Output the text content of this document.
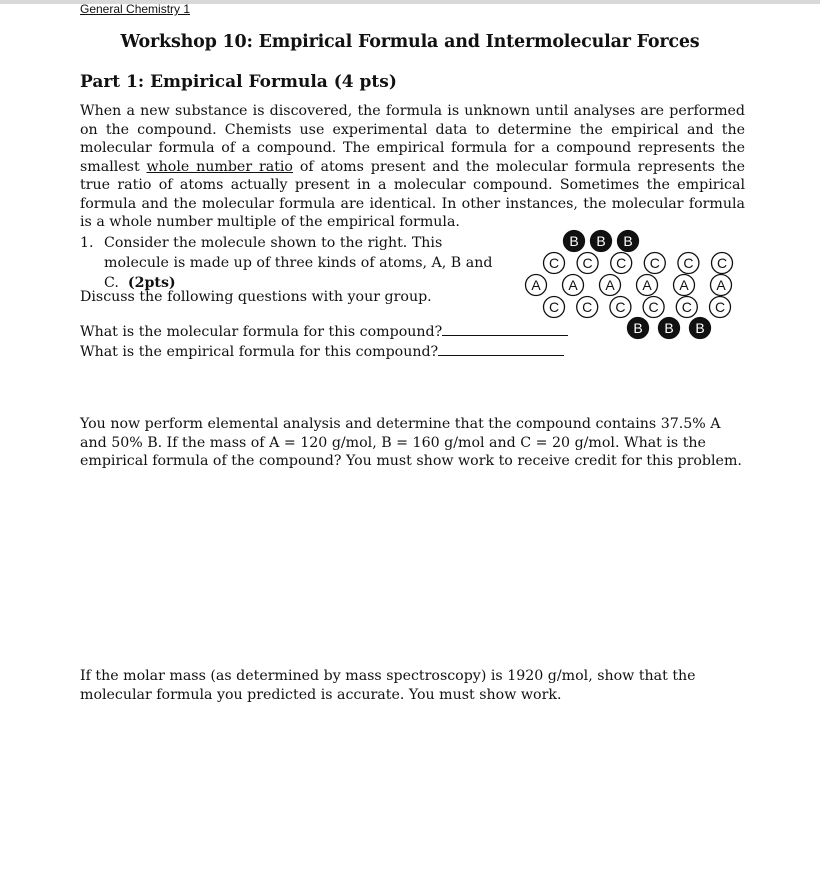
General Chemistry 1
Workshop 10: Empirical Formula and Intermolecular Forces
Part 1: Empirical Formula (4 pts)
When a new substance is discovered, the formula is unknown until analyses are performed on the compound. Chemists use experimental data to determine the empirical and the molecular formula of a compound. The empirical formula for a compound represents the smallest whole number ratio of atoms present and the molecular formula represents the true ratio of atoms actually present in a molecular compound. Sometimes the empirical formula and the molecular formula are identical. In other instances, the molecular formula is a whole number multiple of the empirical formula.
1. Consider the molecule shown to the right. This molecule is made up of three kinds of atoms, A, B and C. (2pts)
Discuss the following questions with your group.
What is the molecular formula for this compound?
What is the empirical formula for this compound?
B B B
C C C C C C
A A A A A A
C C C C C C
B B B
You now perform elemental analysis and determine that the compound contains 37.5% A and 50% B. If the mass of A = 120 g/mol, B = 160 g/mol and C = 20 g/mol. What is the empirical formula of the compound? You must show work to receive credit for this problem.
If the molar mass (as determined by mass spectroscopy) is 1920 g/mol, show that the molecular formula you predicted is accurate. You must show work.
